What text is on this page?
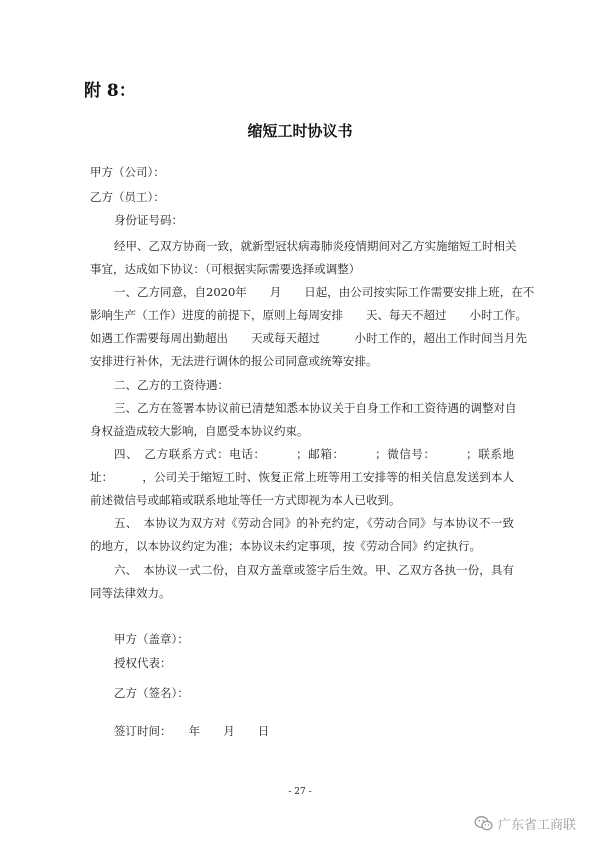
附 8：
缩短工时协议书
甲方（公司）：
乙方（员工）：
身份证号码：
经甲、乙双方协商一致，就新型冠状病毒肺炎疫情期间对乙方实施缩短工时相关
事宜，达成如下协议：（可根据实际需要选择或调整）
一、乙方同意，自2020年　　月　　日起，由公司按实际工作需要安排上班，在不
影响生产（工作）进度的前提下，原则上每周安排　　天、每天不超过　　小时工作。
如遇工作需要每周出勤超出　　天或每天超过　　　小时工作的，超出工作时间当月先
安排进行补休，无法进行调休的报公司同意或统筹安排。
二、乙方的工资待遇：
三、乙方在签署本协议前已清楚知悉本协议关于自身工作和工资待遇的调整对自
身权益造成较大影响，自愿受本协议约束。
四、　乙方联系方式：电话：　　　；邮箱：　　　；微信号：　　　；联系地
址：　　　，公司关于缩短工时、恢复正常上班等用工安排等的相关信息发送到本人
前述微信号或邮箱或联系地址等任一方式即视为本人已收到。
五、　本协议为双方对《劳动合同》的补充约定，《劳动合同》与本协议不一致
的地方，以本协议约定为准；本协议未约定事项，按《劳动合同》约定执行。
六、　本协议一式二份，自双方盖章或签字后生效。甲、乙双方各执一份，具有
同等法律效力。
甲方（盖章）：
授权代表：
乙方（签名）：
签订时间：　　年　　月　　日
- 27 -
广东省工商联
